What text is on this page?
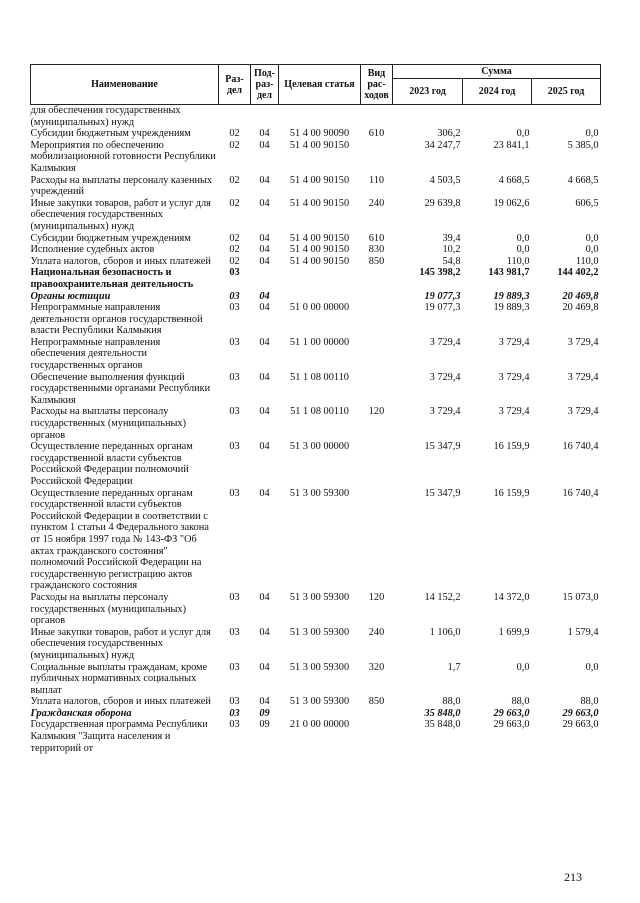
Наименование	Раз-дел	Под-раз-дел	Целевая статья	Вид рас-ходов	Сумма		
					2023 год	2024 год	2025 год
для обеспечения государственных (муниципальных) нужд							
Субсидии бюджетным учреждениям	02	04	51 4 00 90090	610	306,2	0,0	0,0
Мероприятия по обеспечению мобилизационной готовности Республики Калмыкия	02	04	51 4 00 90150		34 247,7	23 841,1	5 385,0
Расходы на выплаты персоналу казенных учреждений	02	04	51 4 00 90150	110	4 503,5	4 668,5	4 668,5
Иные закупки товаров, работ и услуг для обеспечения государственных (муниципальных) нужд	02	04	51 4 00 90150	240	29 639,8	19 062,6	606,5
Субсидии бюджетным учреждениям	02	04	51 4 00 90150	610	39,4	0,0	0,0
Исполнение судебных актов	02	04	51 4 00 90150	830	10,2	0,0	0,0
Уплата налогов, сборов и иных платежей	02	04	51 4 00 90150	850	54,8	110,0	110,0
Национальная безопасность и правоохранительная деятельность	03				145 398,2	143 981,7	144 402,2
Органы юстиции	03	04			19 077,3	19 889,3	20 469,8
Непрограммные направления деятельности органов государственной власти Республики Калмыкия	03	04	51 0 00 00000		19 077,3	19 889,3	20 469,8
Непрограммные направления обеспечения деятельности государственных органов	03	04	51 1 00 00000		3 729,4	3 729,4	3 729,4
Обеспечение выполнения функций государственными органами Республики Калмыкия	03	04	51 1 08 00110		3 729,4	3 729,4	3 729,4
Расходы на выплаты персоналу государственных (муниципальных) органов	03	04	51 1 08 00110	120	3 729,4	3 729,4	3 729,4
Осуществление переданных органам государственной власти субъектов Российской Федерации полномочий Российской Федерации	03	04	51 3 00 00000		15 347,9	16 159,9	16 740,4
Осуществление переданных органам государственной власти субъектов Российской Федерации в соответствии с пунктом 1 статьи 4 Федерального закона от 15 ноября 1997 года № 143-ФЗ "Об актах гражданского состояния" полномочий Российской Федерации на государственную регистрацию актов гражданского состояния	03	04	51 3 00 59300		15 347,9	16 159,9	16 740,4
Расходы на выплаты персоналу государственных (муниципальных) органов	03	04	51 3 00 59300	120	14 152,2	14 372,0	15 073,0
Иные закупки товаров, работ и услуг для обеспечения государственных (муниципальных) нужд	03	04	51 3 00 59300	240	1 106,0	1 699,9	1 579,4
Социальные выплаты гражданам, кроме публичных нормативных социальных выплат	03	04	51 3 00 59300	320	1,7	0,0	0,0
Уплата налогов, сборов и иных платежей	03	04	51 3 00 59300	850	88,0	88,0	88,0
Гражданская оборона	03	09			35 848,0	29 663,0	29 663,0
Государственная программа Республики Калмыкия "Защита населения и территорий от	03	09	21 0 00 00000		35 848,0	29 663,0	29 663,0
213
